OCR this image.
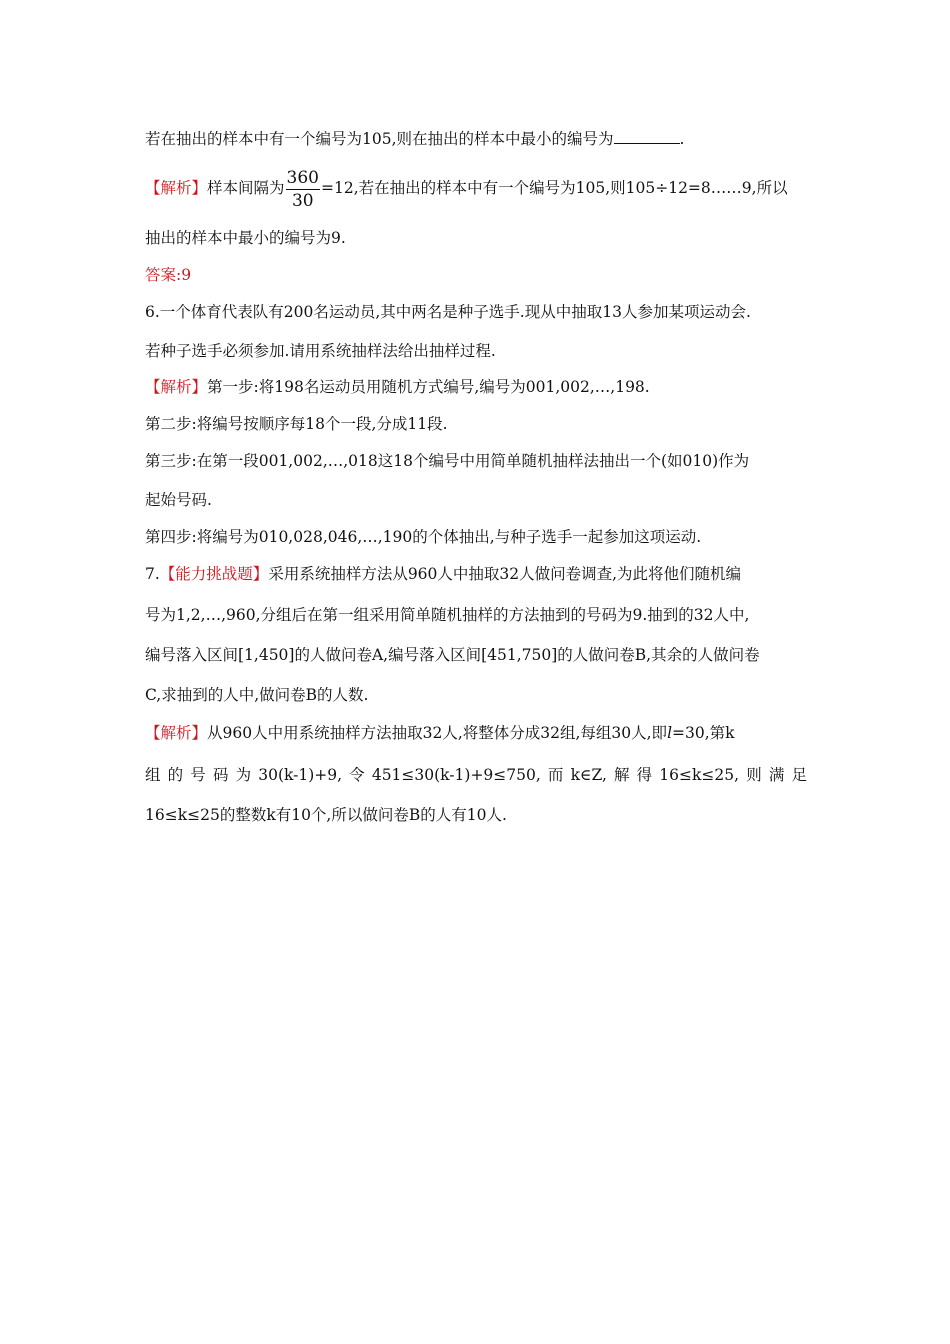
若在抽出的样本中有一个编号为105,则在抽出的样本中最小的编号为	.
【解析】样本间隔为 $\frac{360}{30} =12$,若在抽出的样本中有一个编号为105,则105÷12=8……9,所以
抽出的样本中最小的编号为9.
答案:9
6.一个体育代表队有200名运动员,其中两名是种子选手.现从中抽取13人参加某项运动会.
若种子选手必须参加.请用系统抽样法给出抽样过程.
【解析】第一步:将198名运动员用随机方式编号,编号为001,002,…,198.
第二步:将编号按顺序每18个一段,分成11段.
第三步:在第一段001,002,…,018这18个编号中用简单随机抽样法抽出一个(如010)作为
起始号码.
第四步:将编号为010,028,046,…,190的个体抽出,与种子选手一起参加这项运动.
7.【能力挑战题】采用系统抽样方法从960人中抽取32人做问卷调查,为此将他们随机编
号为1,2,…,960,分组后在第一组采用简单随机抽样的方法抽到的号码为9.抽到的32人中,
编号落入区间[1,450]的人做问卷A,编号落入区间[451,750]的人做问卷B,其余的人做问卷
C,求抽到的人中,做问卷B的人数.
【解析】从960人中用系统抽样方法抽取32人,将整体分成32组,每组30人,即l=30,第k
组的号码为30(k-1)+9,令451≤30(k-1)+9≤750,而k∈Z,解得16≤k≤25,则满足
16≤k≤25的整数k有10个,所以做问卷B的人有10人.
